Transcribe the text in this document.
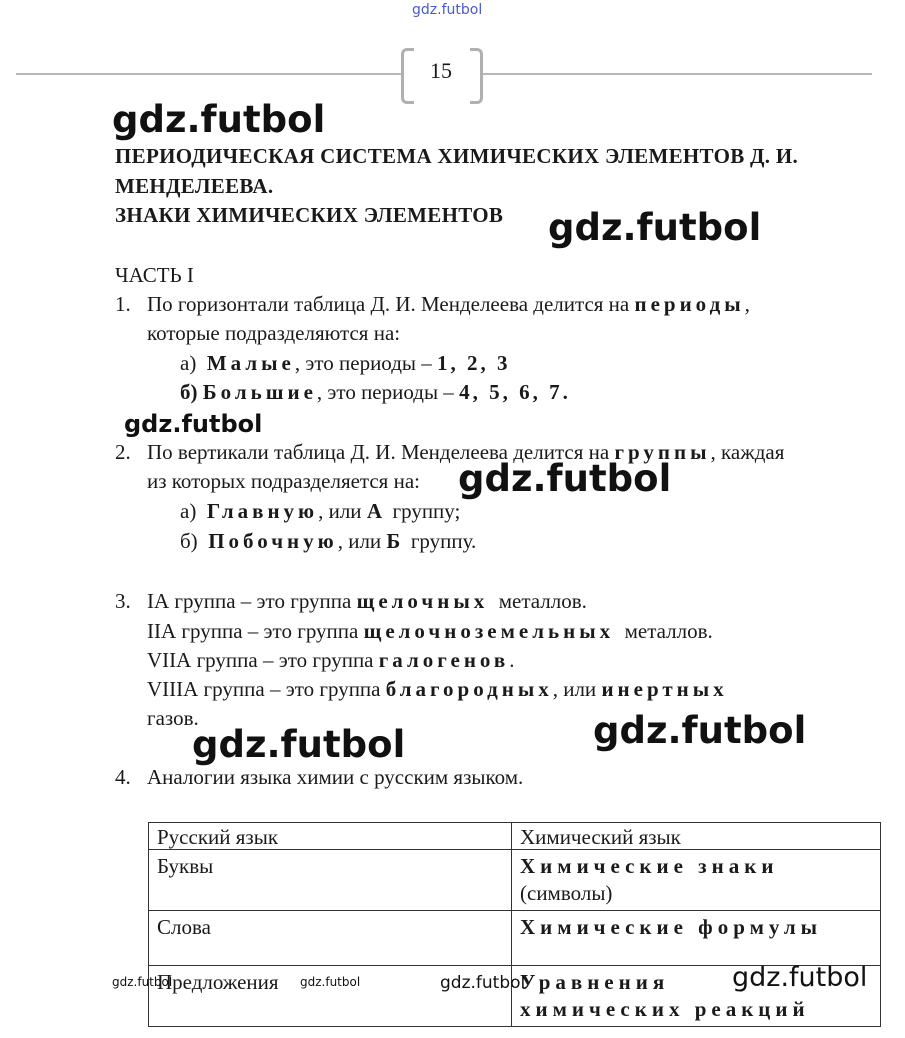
gdz.futbol
15
gdz.futbol
gdz.futbol
gdz.futbol
gdz.futbol
gdz.futbol
gdz.futbol
ПЕРИОДИЧЕСКАЯ СИСТЕМА ХИМИЧЕСКИХ ЭЛЕМЕНТОВ Д. И.
МЕНДЕЛЕЕВА.
ЗНАКИ ХИМИЧЕСКИХ ЭЛЕМЕНТОВ
ЧАСТЬ I
1. По горизонтали таблица Д. И. Менделеева делится на периоды,
которые подразделяются на:
а) Малые, это периоды – 1, 2, 3
б) Большие, это периоды – 4, 5, 6, 7.
2. По вертикали таблица Д. И. Менделеева делится на группы, каждая
из которых подразделяется на:
а) Главную, или А группу;
б) Побочную, или Б группу.
3. IА группа – это группа щелочных металлов.
IIА группа – это группа щелочноземельных металлов.
VIIА группа – это группа галогенов.
VIIIА группа – это группа благородных, или инертных
газов.
4. Аналогии языка химии с русским языком.
Русский язык	Химический язык
Буквы	Химические знаки
(символы)

Слова	Химические формулы

Предложения	Уравнения
химических реакций
gdz.futbol	gdz.futbol	gdz.futbol	gdz.futbol
